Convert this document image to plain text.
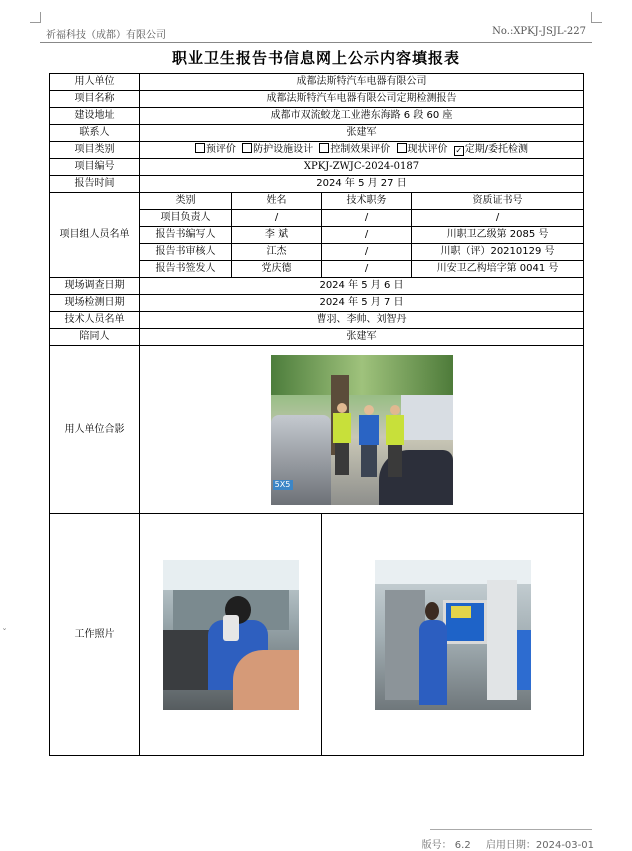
祈福科技（成都）有限公司	No.:XPKJ-JSJL-227
职业卫生报告书信息网上公示内容填报表
用人单位	成都法斯特汽车电器有限公司			
项目名称	成都法斯特汽车电器有限公司定期检测报告			
建设地址	成都市双流蛟龙工业港东海路 6 段 60 座			
联系人	张建军			
项目类别	预评价 防护设施设计 控制效果评价 现状评价 ✓ 定期/委托检测			
项目编号	XPKJ-ZWJC-2024-0187			
报告时间	2024 年 5 月 27 日			
项目组人员名单	类别	姓名	技术职务	资质证书号
	项目负责人	/	/	/
	报告书编写人	李 斌	/	川职卫乙级第 2085 号
	报告书审核人	江杰	/	川职（评）20210129 号
	报告书签发人	党庆德	/	川安卫乙构培字第 0041 号
现场调查日期	2024 年 5 月 6 日			
现场检测日期	2024 年 5 月 7 日			
技术人员名单	曹羽、李帅、刘智丹			
陪同人	张建军			
用人单位合影	5X5			

工作照片			

ˇ
版号： 6.2 启用日期：2024-03-01
